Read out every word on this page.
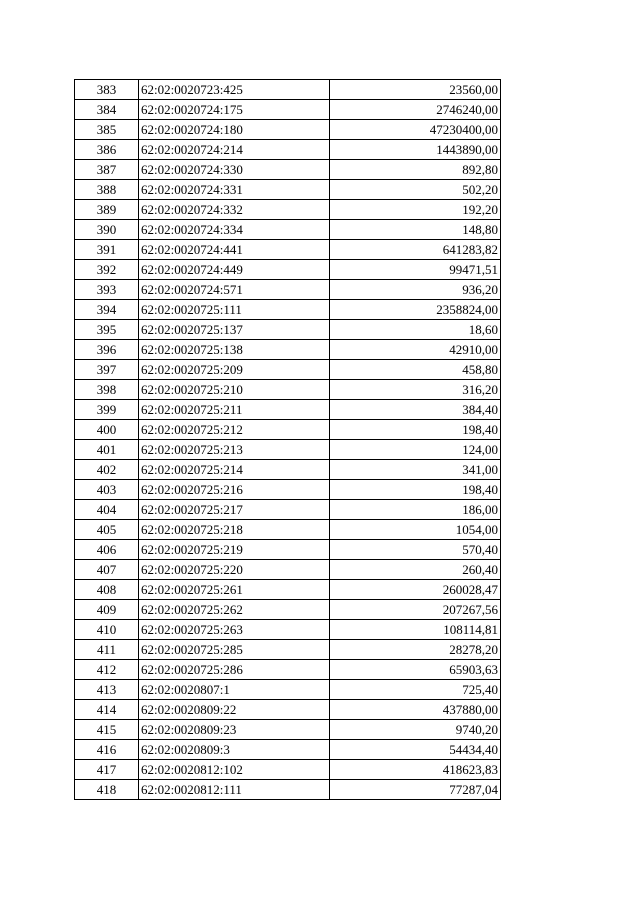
383	62:02:0020723:425	23560,00
384	62:02:0020724:175	2746240,00
385	62:02:0020724:180	47230400,00
386	62:02:0020724:214	1443890,00
387	62:02:0020724:330	892,80
388	62:02:0020724:331	502,20
389	62:02:0020724:332	192,20
390	62:02:0020724:334	148,80
391	62:02:0020724:441	641283,82
392	62:02:0020724:449	99471,51
393	62:02:0020724:571	936,20
394	62:02:0020725:111	2358824,00
395	62:02:0020725:137	18,60
396	62:02:0020725:138	42910,00
397	62:02:0020725:209	458,80
398	62:02:0020725:210	316,20
399	62:02:0020725:211	384,40
400	62:02:0020725:212	198,40
401	62:02:0020725:213	124,00
402	62:02:0020725:214	341,00
403	62:02:0020725:216	198,40
404	62:02:0020725:217	186,00
405	62:02:0020725:218	1054,00
406	62:02:0020725:219	570,40
407	62:02:0020725:220	260,40
408	62:02:0020725:261	260028,47
409	62:02:0020725:262	207267,56
410	62:02:0020725:263	108114,81
411	62:02:0020725:285	28278,20
412	62:02:0020725:286	65903,63
413	62:02:0020807:1	725,40
414	62:02:0020809:22	437880,00
415	62:02:0020809:23	9740,20
416	62:02:0020809:3	54434,40
417	62:02:0020812:102	418623,83
418	62:02:0020812:111	77287,04
